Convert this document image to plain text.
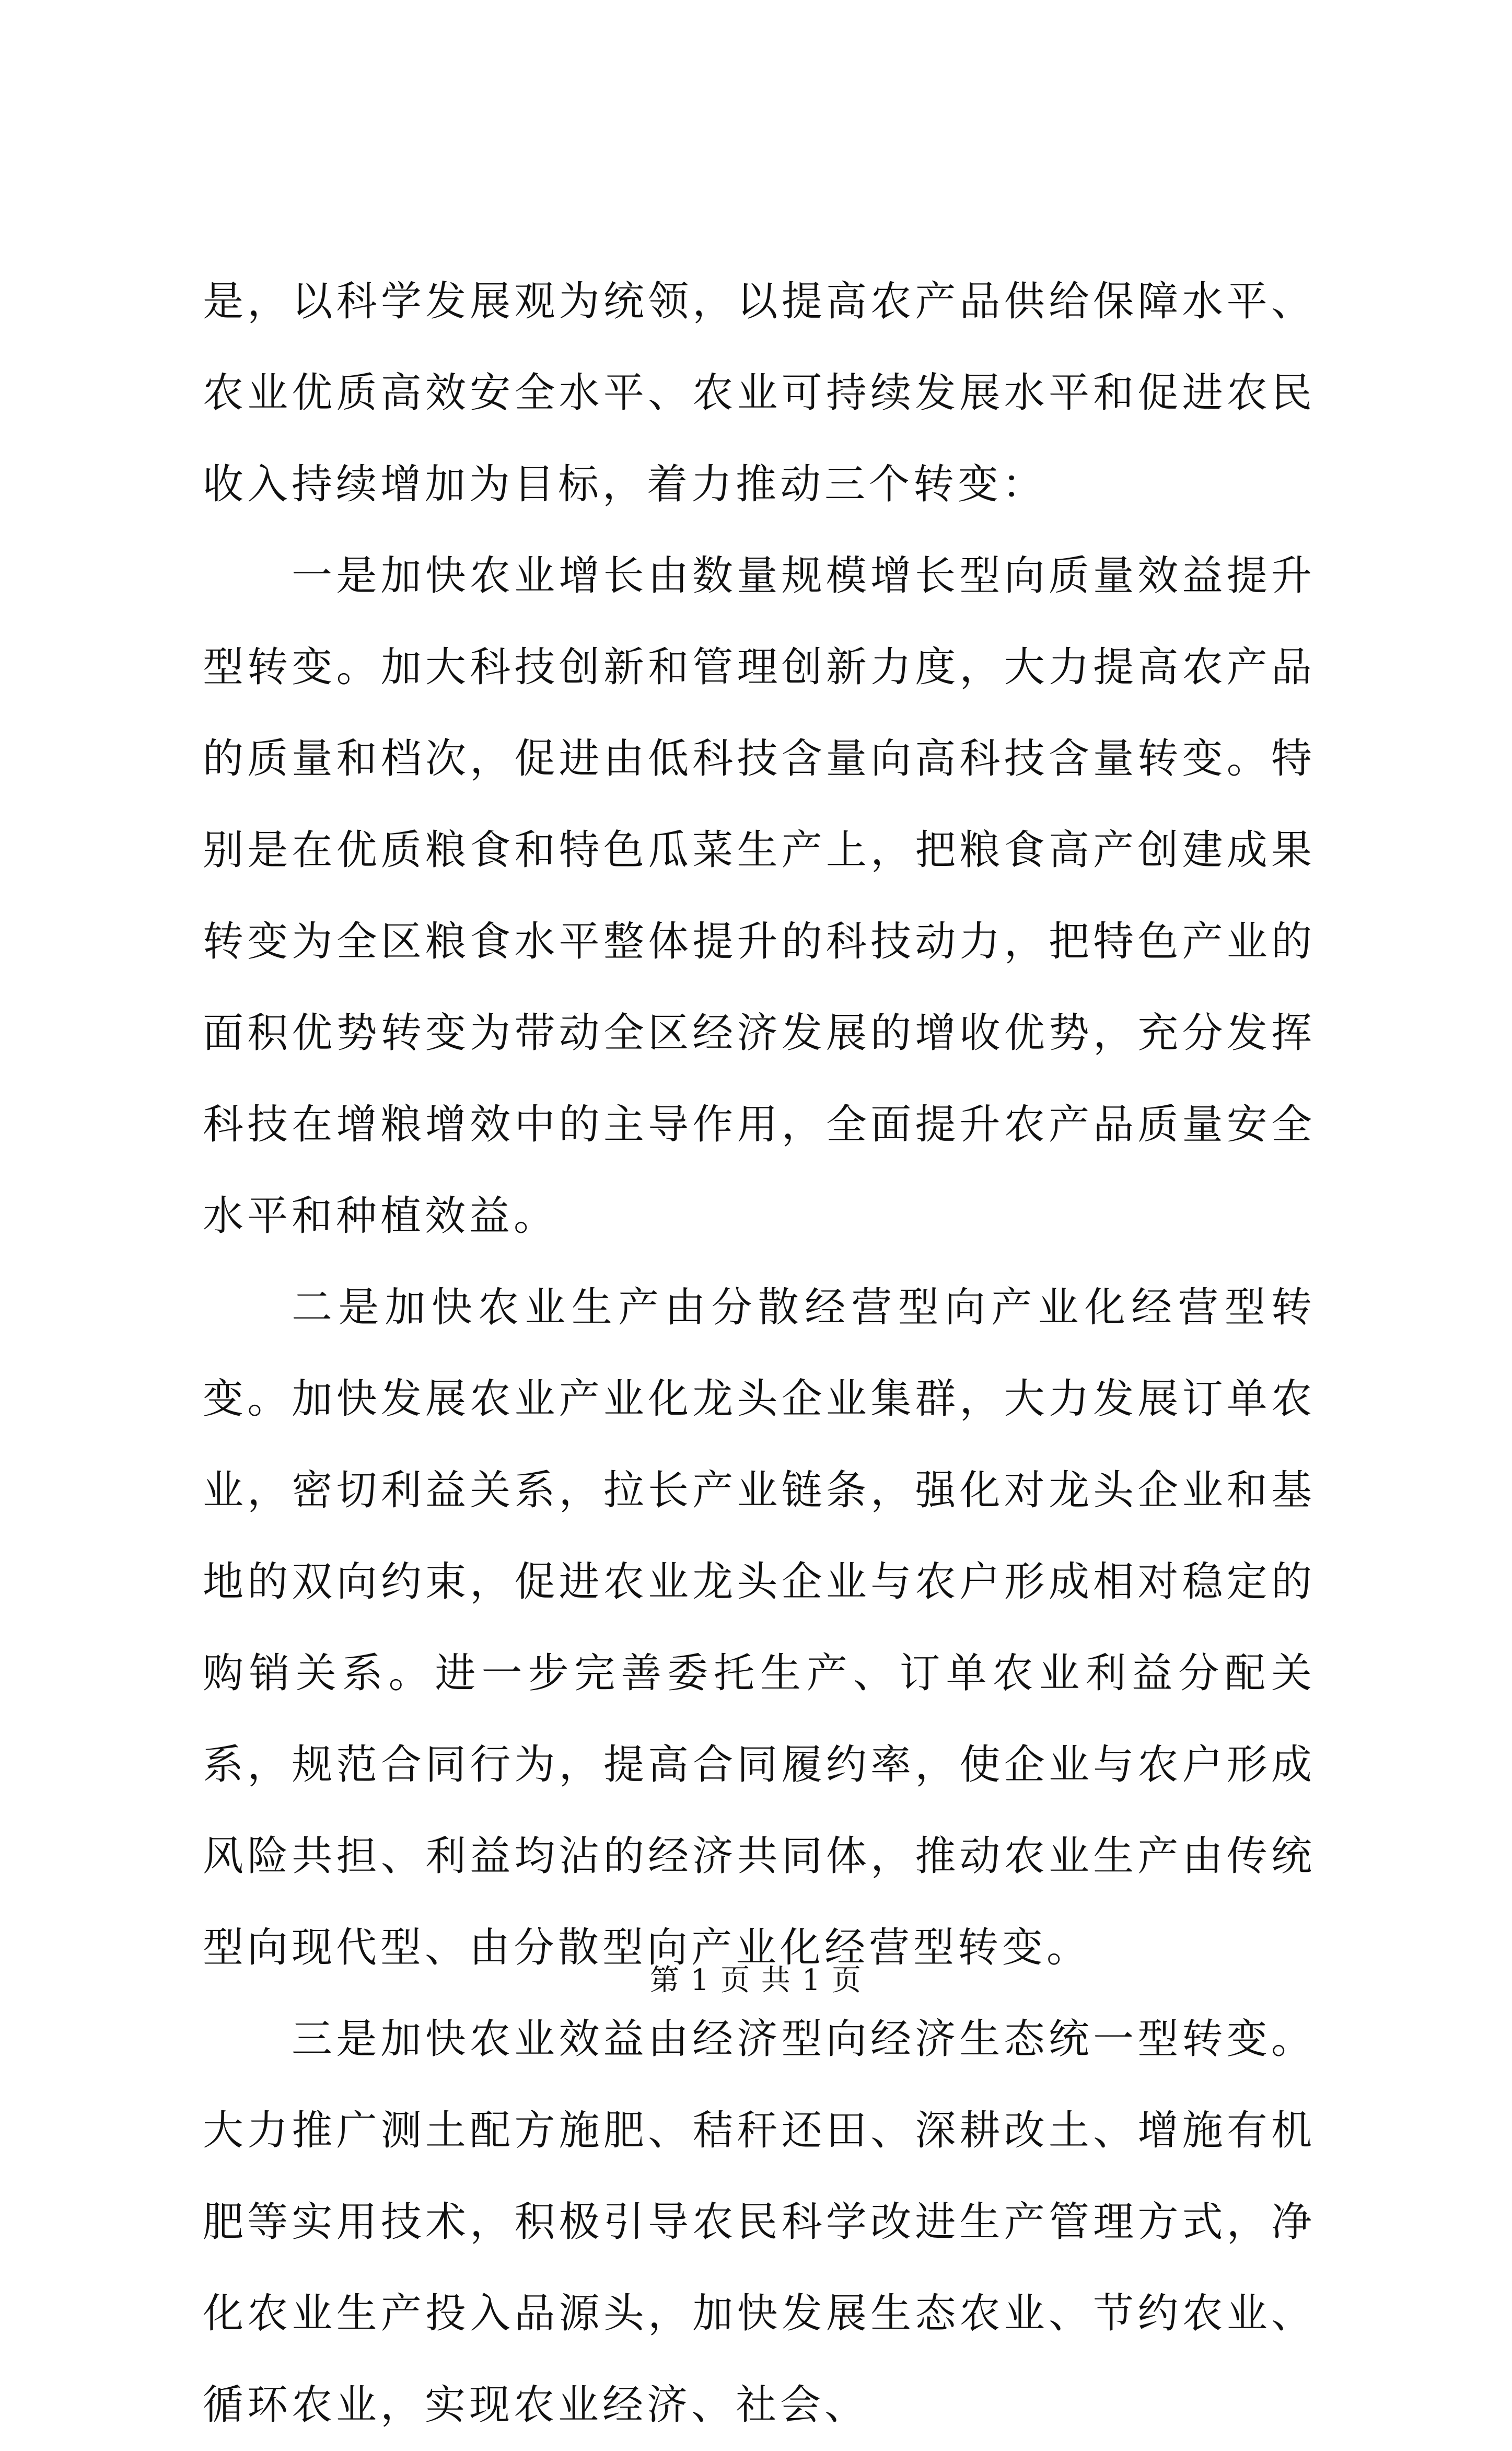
是，以科学发展观为统领，以提高农产品供给保障水平、农业优质高效安全水平、农业可持续发展水平和促进农民收入持续增加为目标，着力推动三个转变：

一是加快农业增长由数量规模增长型向质量效益提升型转变。加大科技创新和管理创新力度，大力提高农产品的质量和档次，促进由低科技含量向高科技含量转变。特别是在优质粮食和特色瓜菜生产上，把粮食高产创建成果转变为全区粮食水平整体提升的科技动力，把特色产业的面积优势转变为带动全区经济发展的增收优势，充分发挥科技在增粮增效中的主导作用，全面提升农产品质量安全水平和种植效益。

二是加快农业生产由分散经营型向产业化经营型转变。加快发展农业产业化龙头企业集群，大力发展订单农业，密切利益关系，拉长产业链条，强化对龙头企业和基地的双向约束，促进农业龙头企业与农户形成相对稳定的购销关系。进一步完善委托生产、订单农业利益分配关系，规范合同行为，提高合同履约率，使企业与农户形成风险共担、利益均沾的经济共同体，推动农业生产由传统型向现代型、由分散型向产业化经营型转变。

三是加快农业效益由经济型向经济生态统一型转变。大力推广测土配方施肥、秸秆还田、深耕改土、增施有机肥等实用技术，积极引导农民科学改进生产管理方式，净化农业生产投入品源头，加快发展生态农业、节约农业、循环农业，实现农业经济、社会、

第 1 页 共 1 页
